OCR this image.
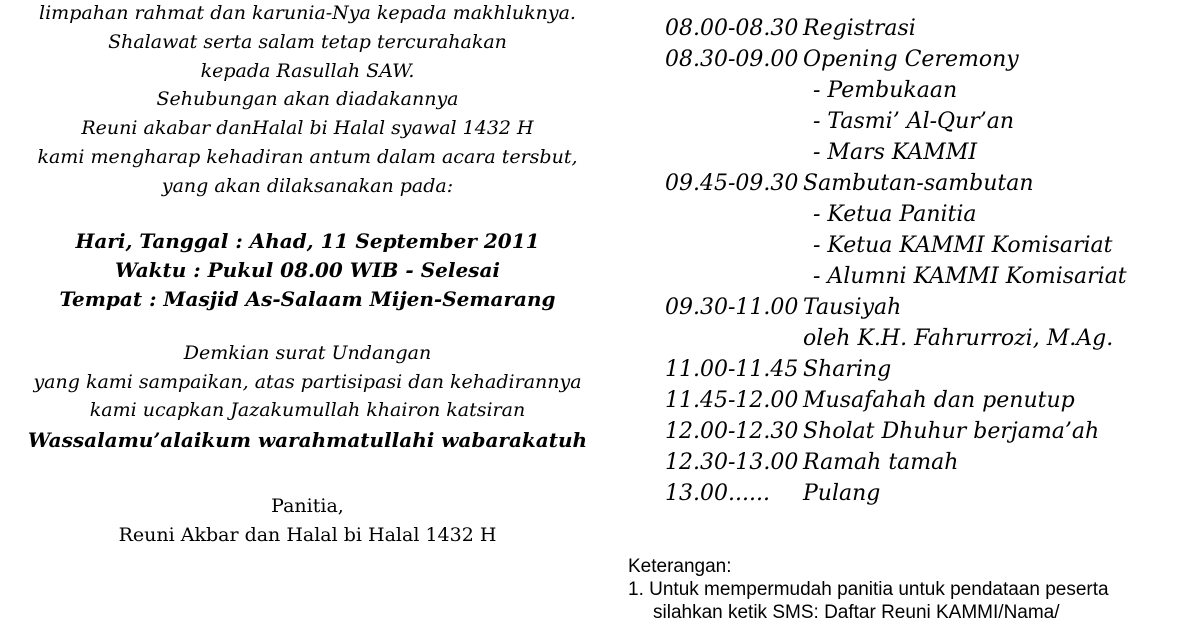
limpahan rahmat dan karunia-Nya kepada makhluknya.
Shalawat serta salam tetap tercurahakan
kepada Rasullah SAW.
Sehubungan akan diadakannya
Reuni akabar danHalal bi Halal syawal 1432 H
kami mengharap kehadiran antum dalam acara tersbut,
yang akan dilaksanakan pada:
Hari, Tanggal : Ahad, 11 September 2011
Waktu : Pukul 08.00 WIB - Selesai
Tempat : Masjid As-Salaam Mijen-Semarang
Demkian surat Undangan
yang kami sampaikan, atas partisipasi dan kehadirannya
kami ucapkan Jazakumullah khairon katsiran
Wassalamu’alaikum warahmatullahi wabarakatuh
Panitia,
Reuni Akbar dan Halal bi Halal 1432 H
08.00-08.30 Registrasi
08.30-09.00 Opening Ceremony
- Pembukaan
- Tasmi’ Al-Qur’an
- Mars KAMMI
09.45-09.30 Sambutan-sambutan
- Ketua Panitia
- Ketua KAMMI Komisariat
- Alumni KAMMI Komisariat
09.30-11.00 Tausiyah
oleh K.H. Fahrurrozi, M.Ag.
11.00-11.45 Sharing
11.45-12.00 Musafahah dan penutup
12.00-12.30 Sholat Dhuhur berjama’ah
12.30-13.00 Ramah tamah
13.00......	Pulang
Keterangan:
1. Untuk mempermudah panitia untuk pendataan peserta
silahkan ketik SMS: Daftar Reuni KAMMI/Nama/
